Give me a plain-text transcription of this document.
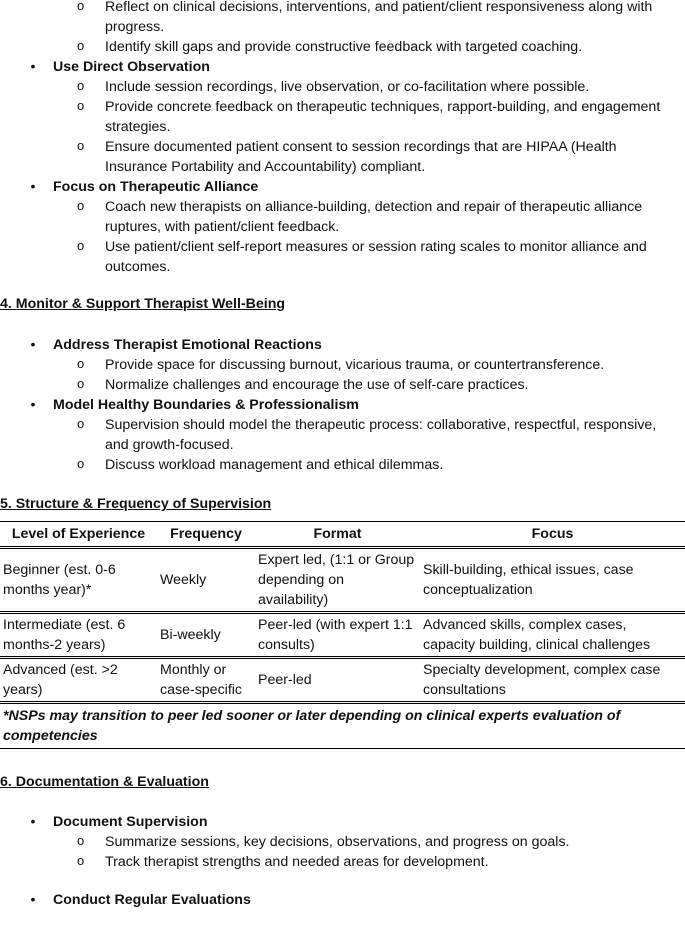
o Reflect on clinical decisions, interventions, and patient/client responsiveness along with progress.
o Identify skill gaps and provide constructive feedback with targeted coaching.
•	Use Direct Observation
o Include session recordings, live observation, or co-facilitation where possible.
o Provide concrete feedback on therapeutic techniques, rapport-building, and engagement strategies.
o Ensure documented patient consent to session recordings that are HIPAA (Health Insurance Portability and Accountability) compliant.
•	Focus on Therapeutic Alliance
o Coach new therapists on alliance-building, detection and repair of therapeutic alliance ruptures, with patient/client feedback.
o Use patient/client self-report measures or session rating scales to monitor alliance and outcomes.
4. Monitor & Support Therapist Well-Being
•	Address Therapist Emotional Reactions
o Provide space for discussing burnout, vicarious trauma, or countertransference.
o Normalize challenges and encourage the use of self-care practices.
•	Model Healthy Boundaries & Professionalism
o Supervision should model the therapeutic process: collaborative, respectful, responsive, and growth-focused.
o Discuss workload management and ethical dilemmas.
5. Structure & Frequency of Supervision
Level of Experience	Frequency	Format	Focus
Beginner (est. 0-6 months year)*	Weekly	Expert led, (1:1 or Group depending on availability)	Skill-building, ethical issues, case conceptualization
Intermediate (est. 6 months-2 years)	Bi-weekly	Peer-led (with expert 1:1 consults)	Advanced skills, complex cases, capacity building, clinical challenges
Advanced (est. >2 years)	Monthly or case-specific	Peer-led	Specialty development, complex case consultations
*NSPs may transition to peer led sooner or later depending on clinical experts evaluation of competencies			
6. Documentation & Evaluation
•	Document Supervision
o Summarize sessions, key decisions, observations, and progress on goals.
o Track therapist strengths and needed areas for development.
•	Conduct Regular Evaluations
